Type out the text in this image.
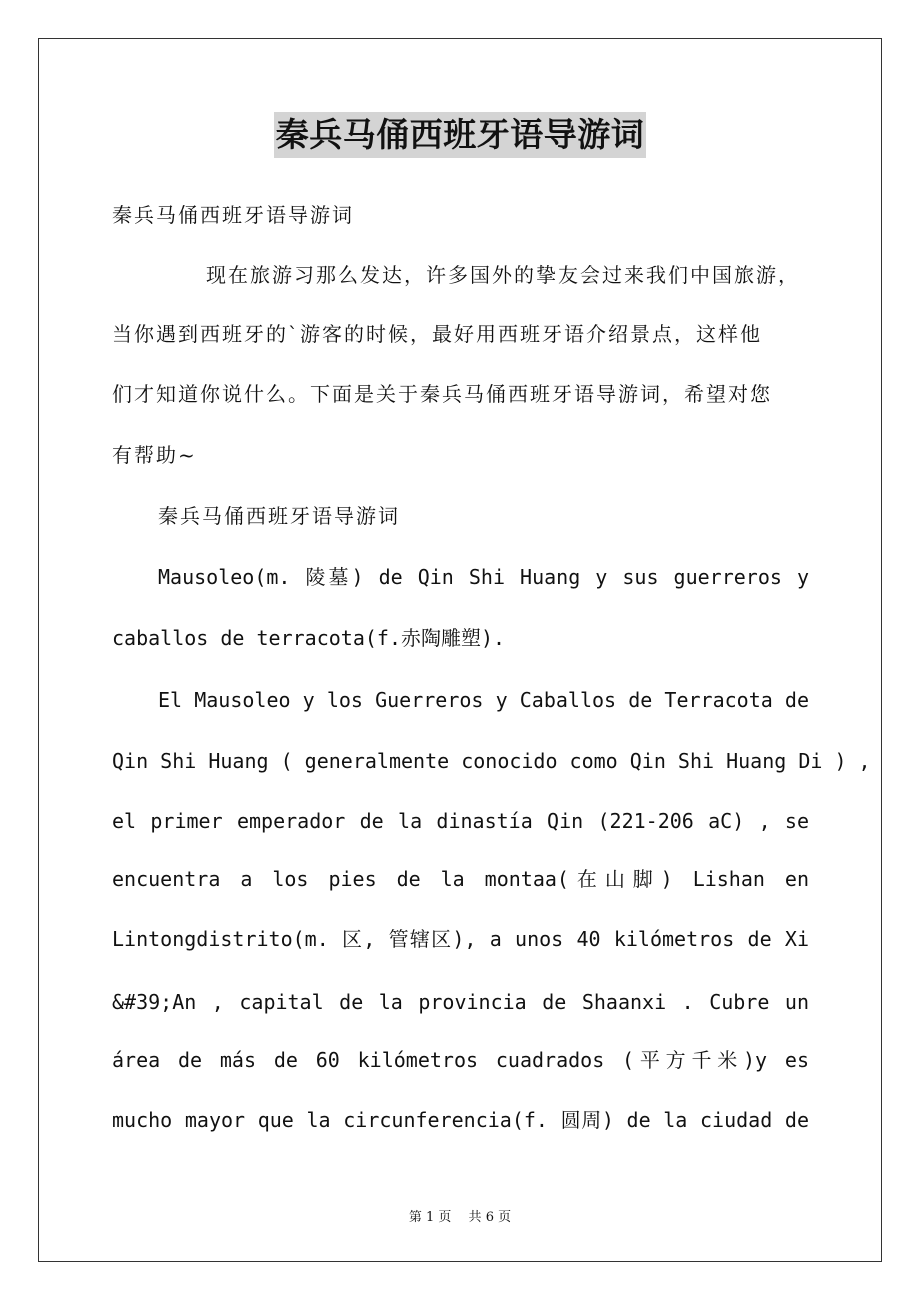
秦兵马俑西班牙语导游词
秦兵马俑西班牙语导游词
现在旅游习那么发达，许多国外的挚友会过来我们中国旅游，
当你遇到西班牙的`游客的时候，最好用西班牙语介绍景点，这样他
们才知道你说什么。下面是关于秦兵马俑西班牙语导游词，希望对您
有帮助~
秦兵马俑西班牙语导游词
Mausoleo(m. 陵墓) de Qin Shi Huang y sus guerreros y
caballos de terracota(f.赤陶雕塑).
El Mausoleo y los Guerreros y Caballos de Terracota de
Qin Shi Huang ( generalmente conocido como Qin Shi Huang Di ) ,
el primer emperador de la dinastía Qin (221-206 aC) , se
encuentra a los pies de la montaa(在山脚) Lishan en
Lintongdistrito(m. 区, 管辖区), a unos 40 kilómetros de Xi
&#39;An , capital de la provincia de Shaanxi . Cubre un
área de más de 60 kilómetros cuadrados (平方千米)y es
mucho mayor que la circunferencia(f. 圆周) de la ciudad de
第 1 页　 共 6 页
